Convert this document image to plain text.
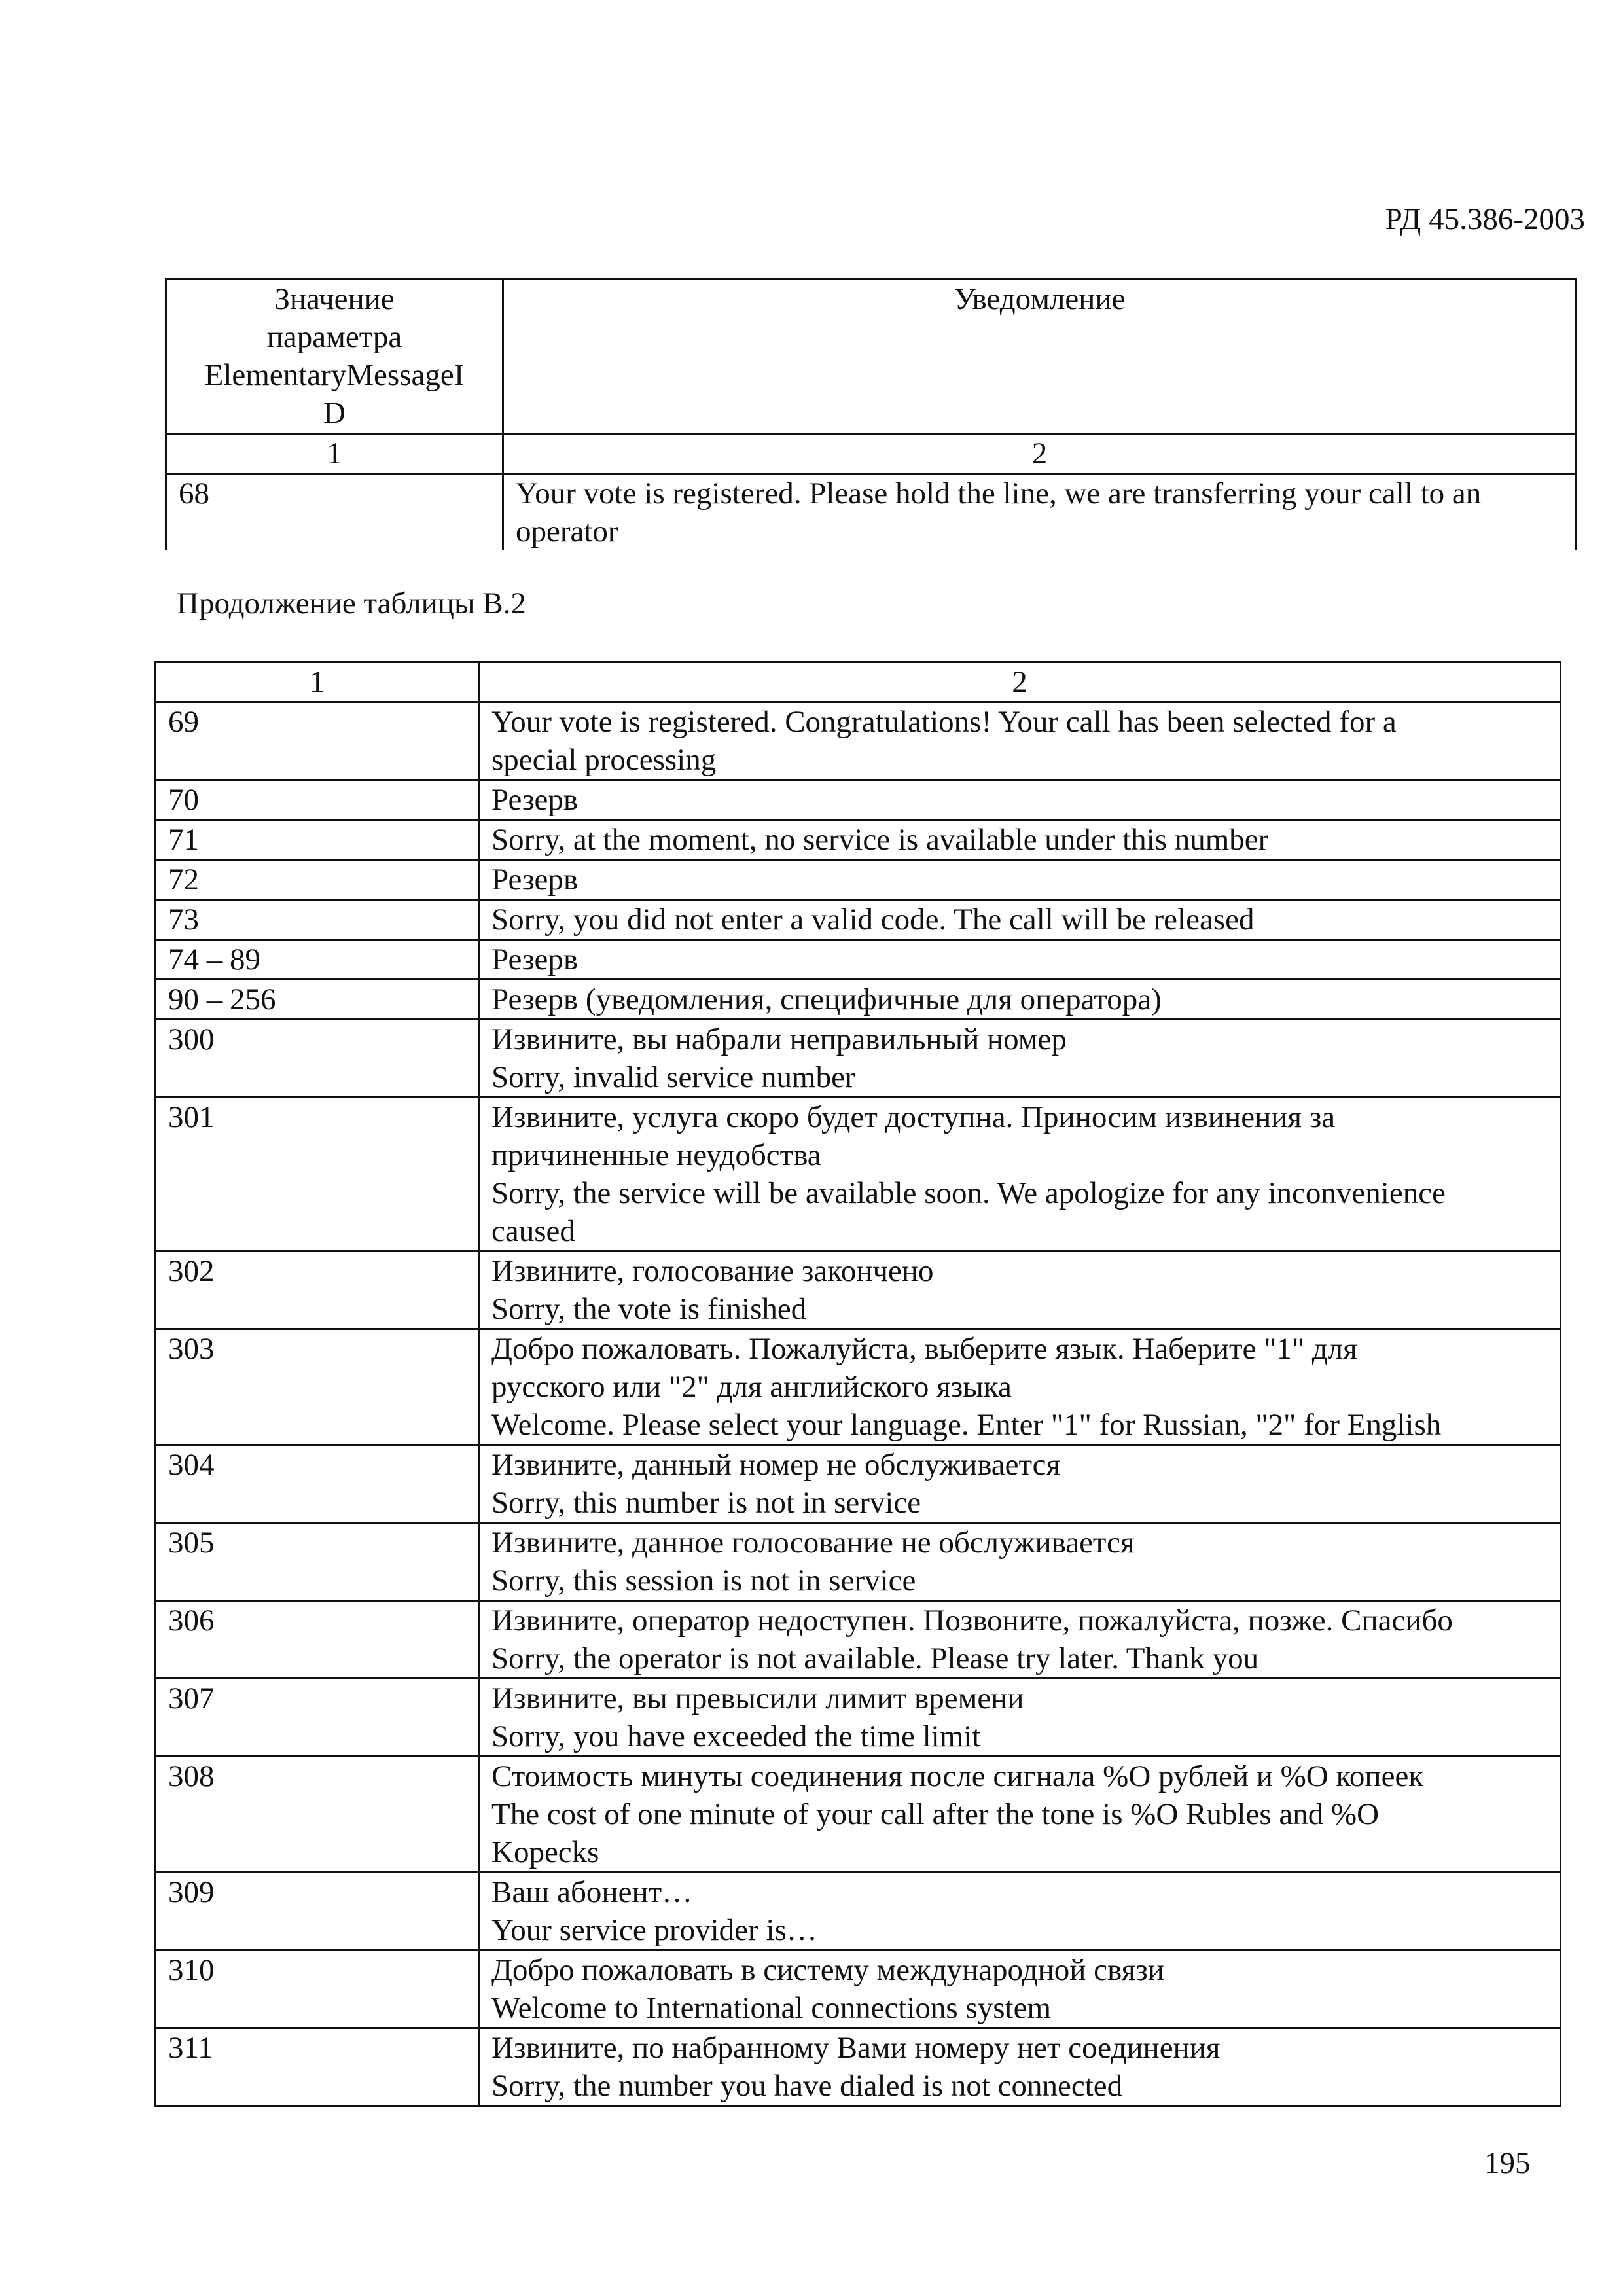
РД 45.386-2003
Значение
параметра
ElementaryMessageI
D	Уведомление
1	2
68	Your vote is registered. Please hold the line, we are transferring your call to an
operator
Продолжение таблицы В.2
1	2
69	Your vote is registered. Congratulations! Your call has been selected for a
special processing

70	Резерв

71	Sorry, at the moment, no service is available under this number

72	Резерв

73	Sorry, you did not enter a valid code. The call will be released

74 – 89	Резерв

90 – 256	Резерв (уведомления, специфичные для оператора)

300	Извините, вы набрали неправильный номер
Sorry, invalid service number

301	Извините, услуга скоро будет доступна. Приносим извинения за
причиненные неудобства
Sorry, the service will be available soon. We apologize for any inconvenience
caused

302	Извините, голосование закончено
Sorry, the vote is finished

303	Добро пожаловать. Пожалуйста, выберите язык. Наберите "1" для
русского или "2" для английского языка
Welcome. Please select your language. Enter "1" for Russian, "2" for English

304	Извините, данный номер не обслуживается
Sorry, this number is not in service

305	Извините, данное голосование не обслуживается
Sorry, this session is not in service

306	Извините, оператор недоступен. Позвоните, пожалуйста, позже. Спасибо
Sorry, the operator is not available. Please try later. Thank you

307	Извините, вы превысили лимит времени
Sorry, you have exceeded the time limit

308	Стоимость минуты соединения после сигнала %O рублей и %O копеек
The cost of one minute of your call after the tone is %O Rubles and %O
Kopecks

309	Ваш абонент…
Your service provider is…

310	Добро пожаловать в систему международной связи
Welcome to International connections system

311	Извините, по набранному Вами номеру нет соединения
Sorry, the number you have dialed is not connected
195
